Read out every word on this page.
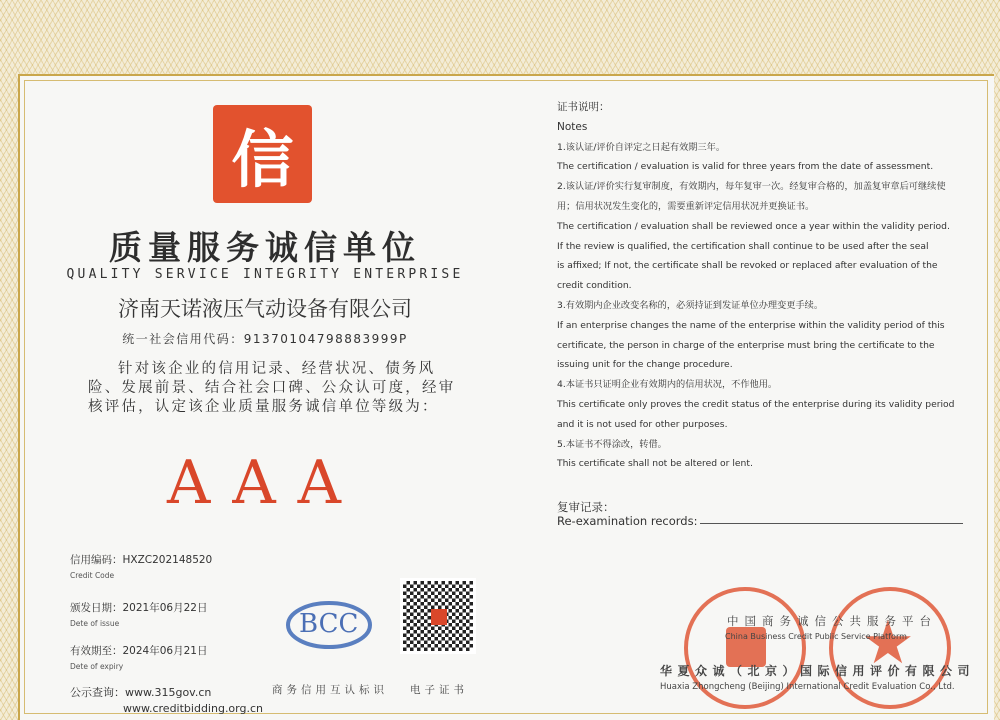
信
质量服务诚信单位
QUALITY SERVICE INTEGRITY ENTERPRISE
济南天诺液压气动设备有限公司
统一社会信用代码：91370104798883999P
针对该企业的信用记录、经营状况、债务风险、发展前景、结合社会口碑、公众认可度，经审核评估，认定该企业质量服务诚信单位等级为：
AAA
信用编码：HXZC202148520
Credit Code
颁发日期：2021年06月22日
Dete of issue
有效期至：2024年06月21日
Dete of expiry
公示查询：www.315gov.cn
www.creditbidding.org.cn
BCC
商务信用互认标识 电子证书
证书说明：
Notes
1.该认证/评价自评定之日起有效期三年。
The certification / evaluation is valid for three years from the date of assessment.
2.该认证/评价实行复审制度，有效期内，每年复审一次。经复审合格的，加盖复审章后可继续使
用；信用状况发生变化的，需要重新评定信用状况并更换证书。
The certification / evaluation shall be reviewed once a year within the validity period.
If the review is qualified, the certification shall continue to be used after the seal
is affixed; If not, the certificate shall be revoked or replaced after evaluation of the
credit condition.
3.有效期内企业改变名称的，必须持证到发证单位办理变更手续。
If an enterprise changes the name of the enterprise within the validity period of this
certificate, the person in charge of the enterprise must bring the certificate to the
issuing unit for the change procedure.
4.本证书只证明企业有效期内的信用状况，不作他用。
This certificate only proves the credit status of the enterprise during its validity period
and it is not used for other purposes.
5.本证书不得涂改，转借。
This certificate shall not be altered or lent.
复审记录：
Re-examination records:
★
中国商务诚信公共服务平台
China Business Credit Public Service Platform
华夏众诚（北京）国际信用评价有限公司
Huaxia Zhongcheng (Beijing) International Credit Evaluation Co., Ltd.
